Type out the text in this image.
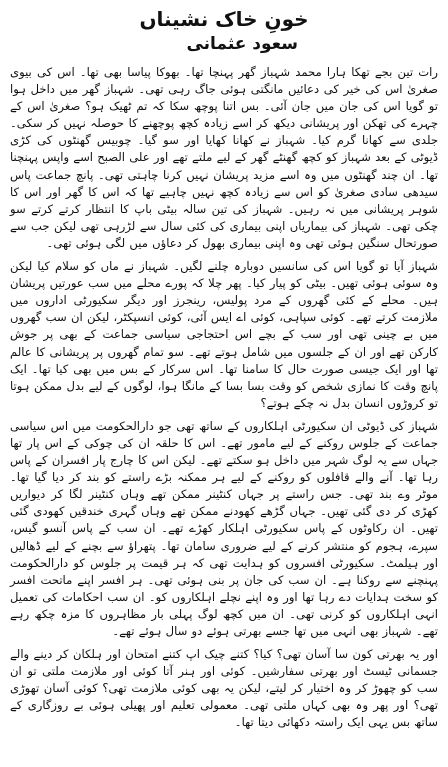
خونِ خاک نشیناں
سعود عثمانی

رات تین بجے تھکا ہارا محمد شہباز گھر پہنچا تھا۔ بھوکا پیاسا بھی تھا۔ اس کی بیوی صغریٰ اس کی خیر کی دعائیں مانگتی ہوئی جاگ رہی تھی۔ شہباز گھر میں داخل ہوا تو گویا اس کی جان میں جان آئی۔ بس اتنا پوچھ سکا کہ تم ٹھیک ہو؟ صغریٰ اس کے چہرے کی تھکن اور پریشانی دیکھ کر اسے زیادہ کچھ پوچھنے کا حوصلہ نہیں کر سکی۔ جلدی سے کھانا گرم کیا۔ شہباز نے کھانا کھایا اور سو گیا۔ چوبیس گھنٹوں کی کڑی ڈیوٹی کے بعد شہباز کو کچھ گھنٹے گھر کے لیے ملتے تھے اور علی الصبح اسے واپس پہنچنا تھا۔ ان چند گھنٹوں میں وہ اسے مزید پریشان نہیں کرنا چاہتی تھی۔ پانچ جماعت پاس سیدھی سادی صغریٰ کو اس سے زیادہ کچھ نہیں چاہیے تھا کہ اس کا گھر اور اس کا شوہر پریشانی میں نہ رہیں۔ شہباز کی تین سالہ بیٹی باپ کا انتظار کرتے کرتے سو چکی تھی۔ شہباز کی بیماریاں اپنی بیماری کی کئی سال سے لڑرہی تھی لیکن جب سے صورتحال سنگین ہوئی تھی وہ اپنی بیماری بھول کر دعاؤں میں لگی ہوئی تھی۔

شہباز آیا تو گویا اس کی سانسیں دوبارہ چلنے لگیں۔ شہباز نے ماں کو سلام کیا لیکن وہ سوئی ہوئی تھیں۔ بیٹی کو پیار کیا۔ پھر چلا کہ پورے محلے میں سب عورتیں پریشان ہیں۔ محلے کے کئی گھروں کے مرد پولیس، رینجرز اور دیگر سکیورٹی اداروں میں ملازمت کرتے تھے۔ کوئی سپاہی، کوئی اے ایس آئی، کوئی انسپکٹر، لیکن ان سب گھروں میں بے چینی تھی اور سب کے بچے اس احتجاجی سیاسی جماعت کے بھی پر جوش کارکن تھے اور ان کے جلسوں میں شامل ہوتے تھے۔ سو تمام گھروں پر پریشانی کا عالم تھا اور ایک جیسی صورت حال کا سامنا تھا۔ اس سرکار کے بس میں بھی کیا تھا۔ ایک پانچ وقت کا نمازی شخص کو وقت بسا بسا کے مانگا ہوا، لوگوں کے لیے بدل ممکن ہوتا تو کروڑوں انسان بدل نہ چکے ہوتے؟

شہباز کی ڈیوٹی ان سکیورٹی اہلکاروں کے ساتھ تھی جو دارالحکومت میں اس سیاسی جماعت کے جلوس روکنے کے لیے مامور تھے۔ اس کا حلقہ ان کی چوکی کے اس پار تھا جہاں سے یہ لوگ شہر میں داخل ہو سکتے تھے۔ لیکن اس کا چارج پار افسران کے پاس رہا تھا۔ آنے والے قافلوں کو روکنے کے لیے ہر ممکنہ بڑے راستے کو بند کر دیا گیا تھا۔ موٹر وے بند تھی۔ جس راستے پر جہاں کنٹینر ممکن تھے وہاں کنٹینر لگا کر دیواریں کھڑی کر دی گئی تھیں۔ جہاں گڑھے کھودنے ممکن تھے وہاں گہری خندقیں کھودی گئی تھیں۔ ان رکاوٹوں کے پاس سکیورٹی اہلکار کھڑے تھے۔ ان سب کے پاس آنسو گیس، سپرے، ہجوم کو منتشر کرنے کے لیے ضروری سامان تھا۔ پتھراؤ سے بچنے کے لیے ڈھالیں اور ہیلمٹ۔ سکیورٹی افسروں کو ہدایت تھی کہ ہر قیمت پر جلوس کو دارالحکومت پہنچنے سے روکنا ہے۔ ان سب کی جان پر بنی ہوئی تھی۔ ہر افسر اپنے ماتحت افسر کو سخت ہدایات دے رہا تھا اور وہ اپنے نچلے اہلکاروں کو۔ ان سب احکامات کی تعمیل انہی اہلکاروں کو کرنی تھی۔ ان میں کچھ لوگ پہلی بار مظاہروں کا مزہ چکھ رہے تھے۔ شہباز بھی انہی میں تھا جسے بھرتی ہوئے دو سال ہوئے تھے۔

اور یہ بھرتی کون سا آسان تھی؟ کیا؟ کتنے چیک اپ کتنے امتحان اور ہلکان کر دینے والے جسمانی ٹیسٹ اور بھرتی سفارشیں۔ کوئی اور ہنر آتا کوئی اور ملازمت ملتی تو ان سب کو چھوڑ کر وہ اختیار کر لیتے، لیکن یہ بھی کوئی ملازمت تھی؟ کوئی آسان تھوڑی تھی؟ اور پھر وہ بھی کہاں ملتی تھی۔ معمولی تعلیم اور پھیلی ہوئی بے روزگاری کے ساتھ بس یہی ایک راستہ دکھائی دیتا تھا۔
